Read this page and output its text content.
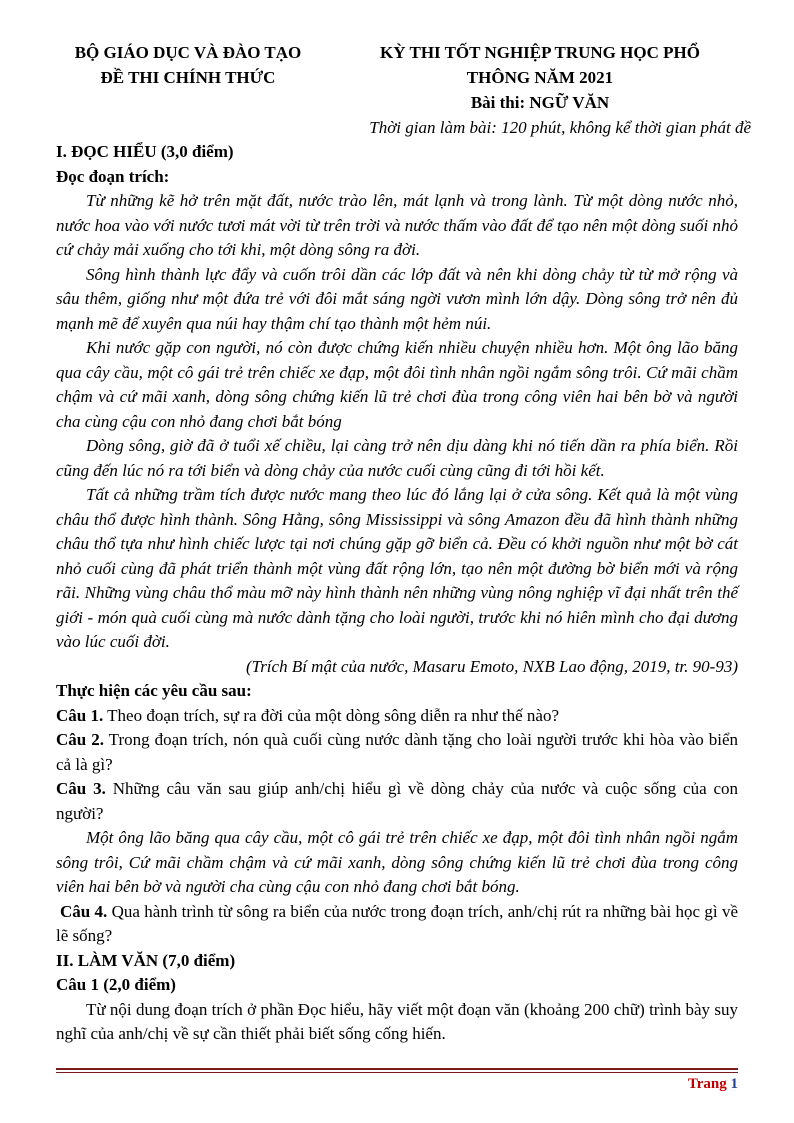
BỘ GIÁO DỤC VÀ ĐÀO TẠO
ĐỀ THI CHÍNH THỨC
KỲ THI TỐT NGHIỆP TRUNG HỌC PHỔ
THÔNG NĂM 2021
Bài thi: NGỮ VĂN
Thời gian làm bài: 120 phút, không kể thời gian phát đề

I. ĐỌC HIỂU (3,0 điểm)

Đọc đoạn trích:

Từ những kẽ hở trên mặt đất, nước trào lên, mát lạnh và trong lành. Từ một dòng nước nhỏ, nước hoa vào với nước tươi mát vời từ trên trời và nước thấm vào đất để tạo nên một dòng suối nhỏ cứ chảy mải xuống cho tới khi, một dòng sông ra đời.

Sông hình thành lực đẩy và cuốn trôi dần các lớp đất và nên khi dòng chảy từ từ mở rộng và sâu thêm, giống như một đứa trẻ với đôi mắt sáng ngời vươn mình lớn dậy. Dòng sông trở nên đủ mạnh mẽ để xuyên qua núi hay thậm chí tạo thành một hẻm núi.

Khi nước gặp con người, nó còn được chứng kiến nhiều chuyện nhiều hơn. Một ông lão băng qua cây cầu, một cô gái trẻ trên chiếc xe đạp, một đôi tình nhân ngồi ngắm sông trôi. Cứ mãi chầm chậm và cứ mãi xanh, dòng sông chứng kiến lũ trẻ chơi đùa trong công viên hai bên bờ và người cha cùng cậu con nhỏ đang chơi bắt bóng

Dòng sông, giờ đã ở tuổi xế chiều, lại càng trở nên dịu dàng khi nó tiến dần ra phía biển. Rồi cũng đến lúc nó ra tới biển và dòng chảy của nước cuối cùng cũng đi tới hồi kết.

Tất cả những trầm tích được nước mang theo lúc đó lắng lại ở cửa sông. Kết quả là một vùng châu thổ được hình thành. Sông Hằng, sông Mississippi và sông Amazon đều đã hình thành những châu thổ tựa như hình chiếc lược tại nơi chúng gặp gỡ biển cả. Đều có khởi nguồn như một bờ cát nhỏ cuối cùng đã phát triển thành một vùng đất rộng lớn, tạo nên một đường bờ biển mới và rộng rãi. Những vùng châu thổ màu mỡ này hình thành nên những vùng nông nghiệp vĩ đại nhất trên thế giới - món quà cuối cùng mà nước dành tặng cho loài người, trước khi nó hiên mình cho đại dương vào lúc cuối đời.

(Trích Bí mật của nước, Masaru Emoto, NXB Lao động, 2019, tr. 90-93)

Thực hiện các yêu cầu sau:

Câu 1. Theo đoạn trích, sự ra đời của một dòng sông diễn ra như thế nào?

Câu 2. Trong đoạn trích, nón quà cuối cùng nước dành tặng cho loài người trước khi hòa vào biển cả là gì?

Câu 3. Những câu văn sau giúp anh/chị hiểu gì về dòng chảy của nước và cuộc sống của con người?

Một ông lão băng qua cây cầu, một cô gái trẻ trên chiếc xe đạp, một đôi tình nhân ngồi ngắm sông trôi, Cứ mãi chầm chậm và cứ mãi xanh, dòng sông chứng kiến lũ trẻ chơi đùa trong công viên hai bên bờ và người cha cùng cậu con nhỏ đang chơi bắt bóng.

Câu 4. Qua hành trình từ sông ra biển của nước trong đoạn trích, anh/chị rút ra những bài học gì về lẽ sống?

II. LÀM VĂN (7,0 điểm)

Câu 1 (2,0 điểm)

Từ nội dung đoạn trích ở phần Đọc hiểu, hãy viết một đoạn văn (khoảng 200 chữ) trình bày suy nghĩ của anh/chị về sự cần thiết phải biết sống cống hiến.

Trang 1
